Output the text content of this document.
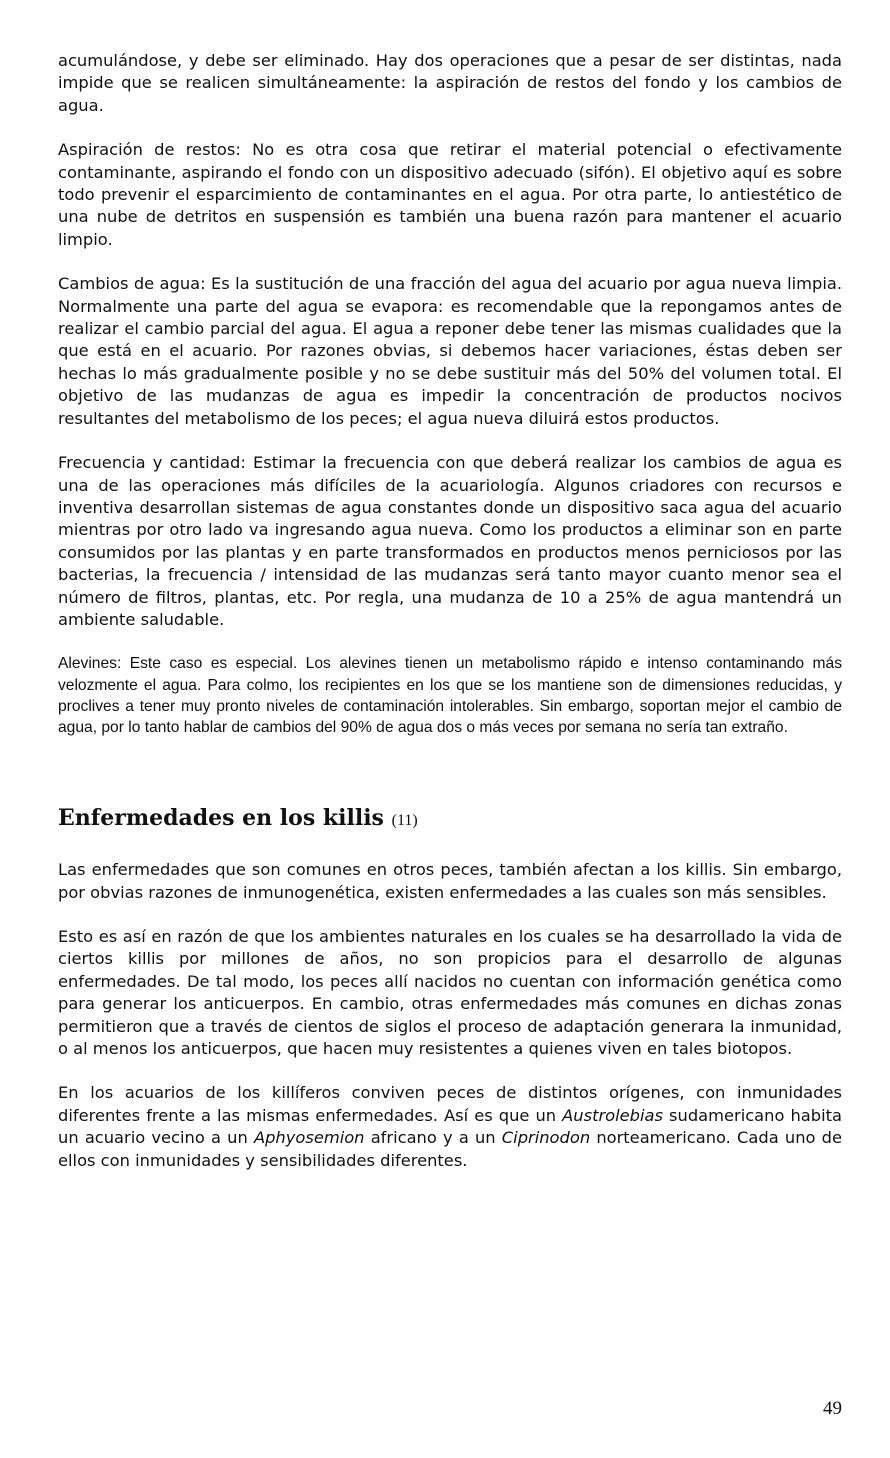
acumulándose, y debe ser eliminado. Hay dos operaciones que a pesar de ser distintas, nada impide que se realicen simultáneamente: la aspiración de restos del fondo y los cambios de agua.

Aspiración de restos: No es otra cosa que retirar el material potencial o efectivamente contaminante, aspirando el fondo con un dispositivo adecuado (sifón). El objetivo aquí es sobre todo prevenir el esparcimiento de contaminantes en el agua. Por otra parte, lo antiestético de una nube de detritos en suspensión es también una buena razón para mantener el acuario limpio.

Cambios de agua: Es la sustitución de una fracción del agua del acuario por agua nueva limpia. Normalmente una parte del agua se evapora: es recomendable que la repongamos antes de realizar el cambio parcial del agua. El agua a reponer debe tener las mismas cualidades que la que está en el acuario. Por razones obvias, si debemos hacer variaciones, éstas deben ser hechas lo más gradualmente posible y no se debe sustituir más del 50% del volumen total. El objetivo de las mudanzas de agua es impedir la concentración de productos nocivos resultantes del metabolismo de los peces; el agua nueva diluirá estos productos.

Frecuencia y cantidad: Estimar la frecuencia con que deberá realizar los cambios de agua es una de las operaciones más difíciles de la acuariología. Algunos criadores con recursos e inventiva desarrollan sistemas de agua constantes donde un dispositivo saca agua del acuario mientras por otro lado va ingresando agua nueva. Como los productos a eliminar son en parte consumidos por las plantas y en parte transformados en productos menos perniciosos por las bacterias, la frecuencia / intensidad de las mudanzas será tanto mayor cuanto menor sea el número de filtros, plantas, etc. Por regla, una mudanza de 10 a 25% de agua mantendrá un ambiente saludable.

Alevines: Este caso es especial. Los alevines tienen un metabolismo rápido e intenso contaminando más velozmente el agua. Para colmo, los recipientes en los que se los mantiene son de dimensiones reducidas, y proclives a tener muy pronto niveles de contaminación intolerables. Sin embargo, soportan mejor el cambio de agua, por lo tanto hablar de cambios del 90% de agua dos o más veces por semana no sería tan extraño.

Enfermedades en los killis (11)

Las enfermedades que son comunes en otros peces, también afectan a los killis. Sin embargo, por obvias razones de inmunogenética, existen enfermedades a las cuales son más sensibles.

Esto es así en razón de que los ambientes naturales en los cuales se ha desarrollado la vida de ciertos killis por millones de años, no son propicios para el desarrollo de algunas enfermedades. De tal modo, los peces allí nacidos no cuentan con información genética como para generar los anticuerpos. En cambio, otras enfermedades más comunes en dichas zonas permitieron que a través de cientos de siglos el proceso de adaptación generara la inmunidad, o al menos los anticuerpos, que hacen muy resistentes a quienes viven en tales biotopos.

En los acuarios de los killíferos conviven peces de distintos orígenes, con inmunidades diferentes frente a las mismas enfermedades. Así es que un Austrolebias sudamericano habita un acuario vecino a un Aphyosemion africano y a un Ciprinodon norteamericano. Cada uno de ellos con inmunidades y sensibilidades diferentes.

49
